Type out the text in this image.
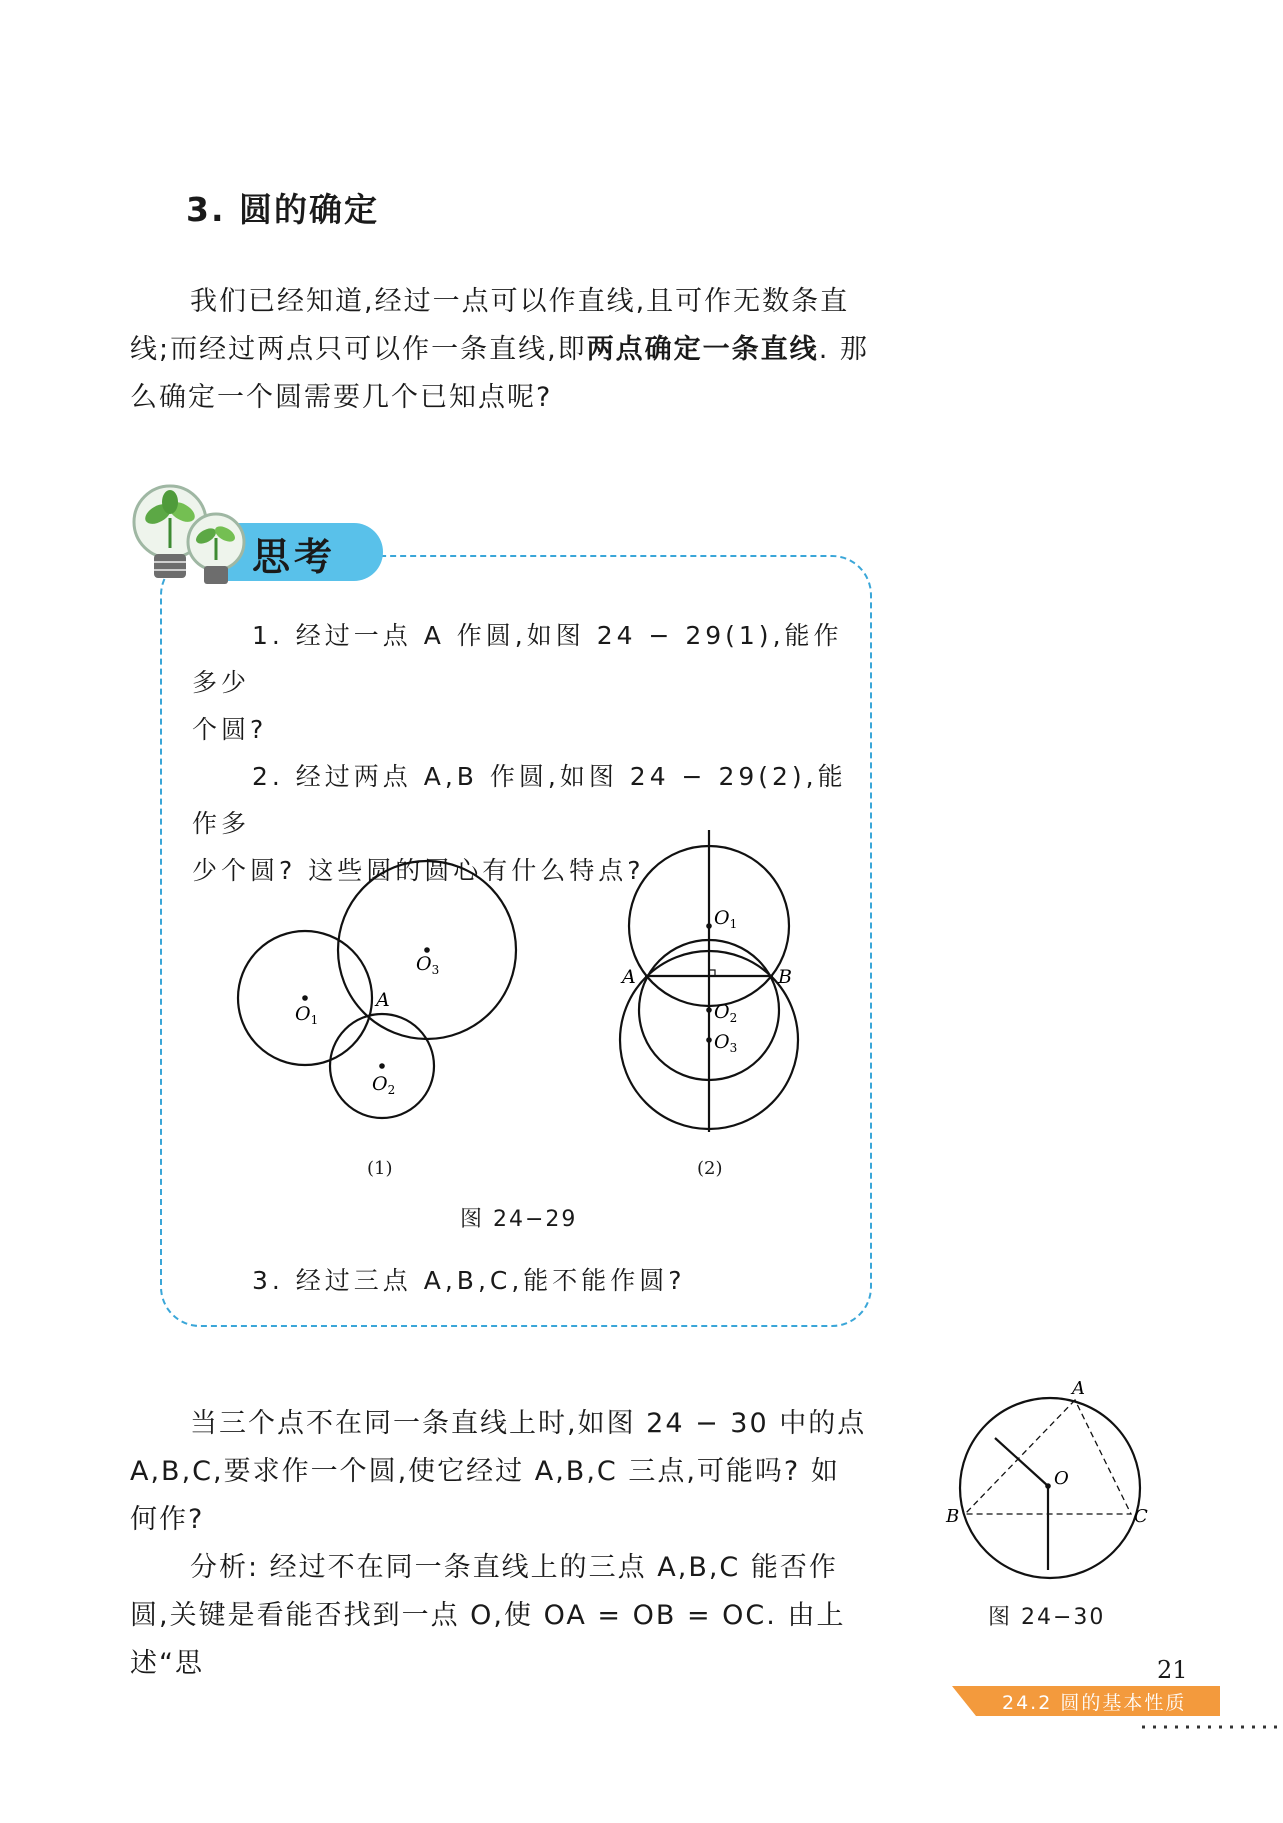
3. 圆的确定

我们已经知道,经过一点可以作直线,且可作无数条直

线;而经过两点只可以作一条直线,即两点确定一条直线. 那

么确定一个圆需要几个已知点呢?

思考

1. 经过一点 A 作圆,如图 24 − 29(1),能作多少

个圆?

2. 经过两点 A,B 作圆,如图 24 − 29(2),能作多

少个圆? 这些圆的圆心有什么特点?

A
$O_1$
$O_3$
$O_2$
(1)
A	B
$O_1$
$O_2$
$O_3$
(2)
图 24−29

3. 经过三点 A,B,C,能不能作圆?

当三个点不在同一条直线上时,如图 24 − 30 中的点

A,B,C,要求作一个圆,使它经过 A,B,C 三点,可能吗? 如

何作?

分析: 经过不在同一条直线上的三点 A,B,C 能否作

圆,关键是看能否找到一点 O,使 OA = OB = OC. 由上述“思

A
B	C
O
图 24−30
21
24.2 圆的基本性质
